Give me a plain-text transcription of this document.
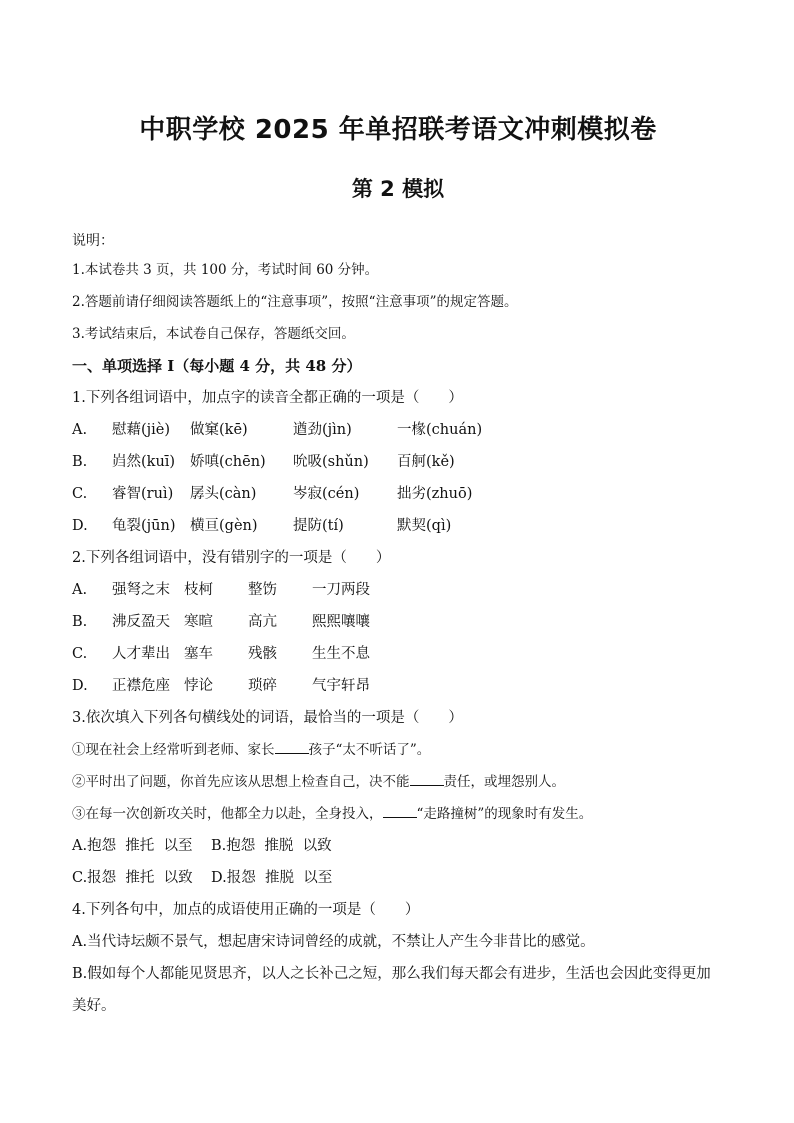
中职学校 2025 年单招联考语文冲刺模拟卷
第 2 模拟
说明：
1.本试卷共 3 页，共 100 分，考试时间 60 分钟。
2.答题前请仔细阅读答题纸上的“注意事项”，按照“注意事项”的规定答题。
3.考试结束后，本试卷自己保存，答题纸交回。
一、单项选择 I（每小题 4 分，共 48 分）
1.下列各组词语中，加点字的读音全都正确的一项是（　　）
A.	慰藉(jiè)	做窠(kē)	遒劲(jìn)	一椽(chuán)
B.	岿然(kuī)	娇嗔(chēn)	吮吸(shǔn)	百舸(kě)
C.	睿智(ruì)	孱头(càn)	岑寂(cén)	拙劣(zhuō)
D.	龟裂(jūn)	横亘(gèn)	提防(tí)	默契(qì)
2.下列各组词语中，没有错别字的一项是（　　）
A.	强弩之末 枝柯	整饬	一刀两段
B.	沸反盈天 寒暄	高亢	熙熙嚷嚷
C.	人才辈出 塞车	残骸	生生不息
D.	正襟危座 悖论	琐碎	气宇轩昂
3.依次填入下列各句横线处的词语，最恰当的一项是（　　）
①现在社会上经常听到老师、家长	孩子“太不听话了”。
②平时出了问题，你首先应该从思想上检查自己，决不能	责任，或埋怨别人。
③在每一次创新攻关时，他都全力以赴，全身投入，	“走路撞树”的现象时有发生。
A.抱怨  推托  以至    B.抱怨  推脱  以致
C.报怨  推托  以致    D.报怨  推脱  以至
4.下列各句中，加点的成语使用正确的一项是（　　）
A.当代诗坛颇不景气，想起唐宋诗词曾经的成就，不禁让人产生今非昔比的感觉。
B.假如每个人都能见贤思齐，以人之长补己之短，那么我们每天都会有进步，生活也会因此变得更加美好。
